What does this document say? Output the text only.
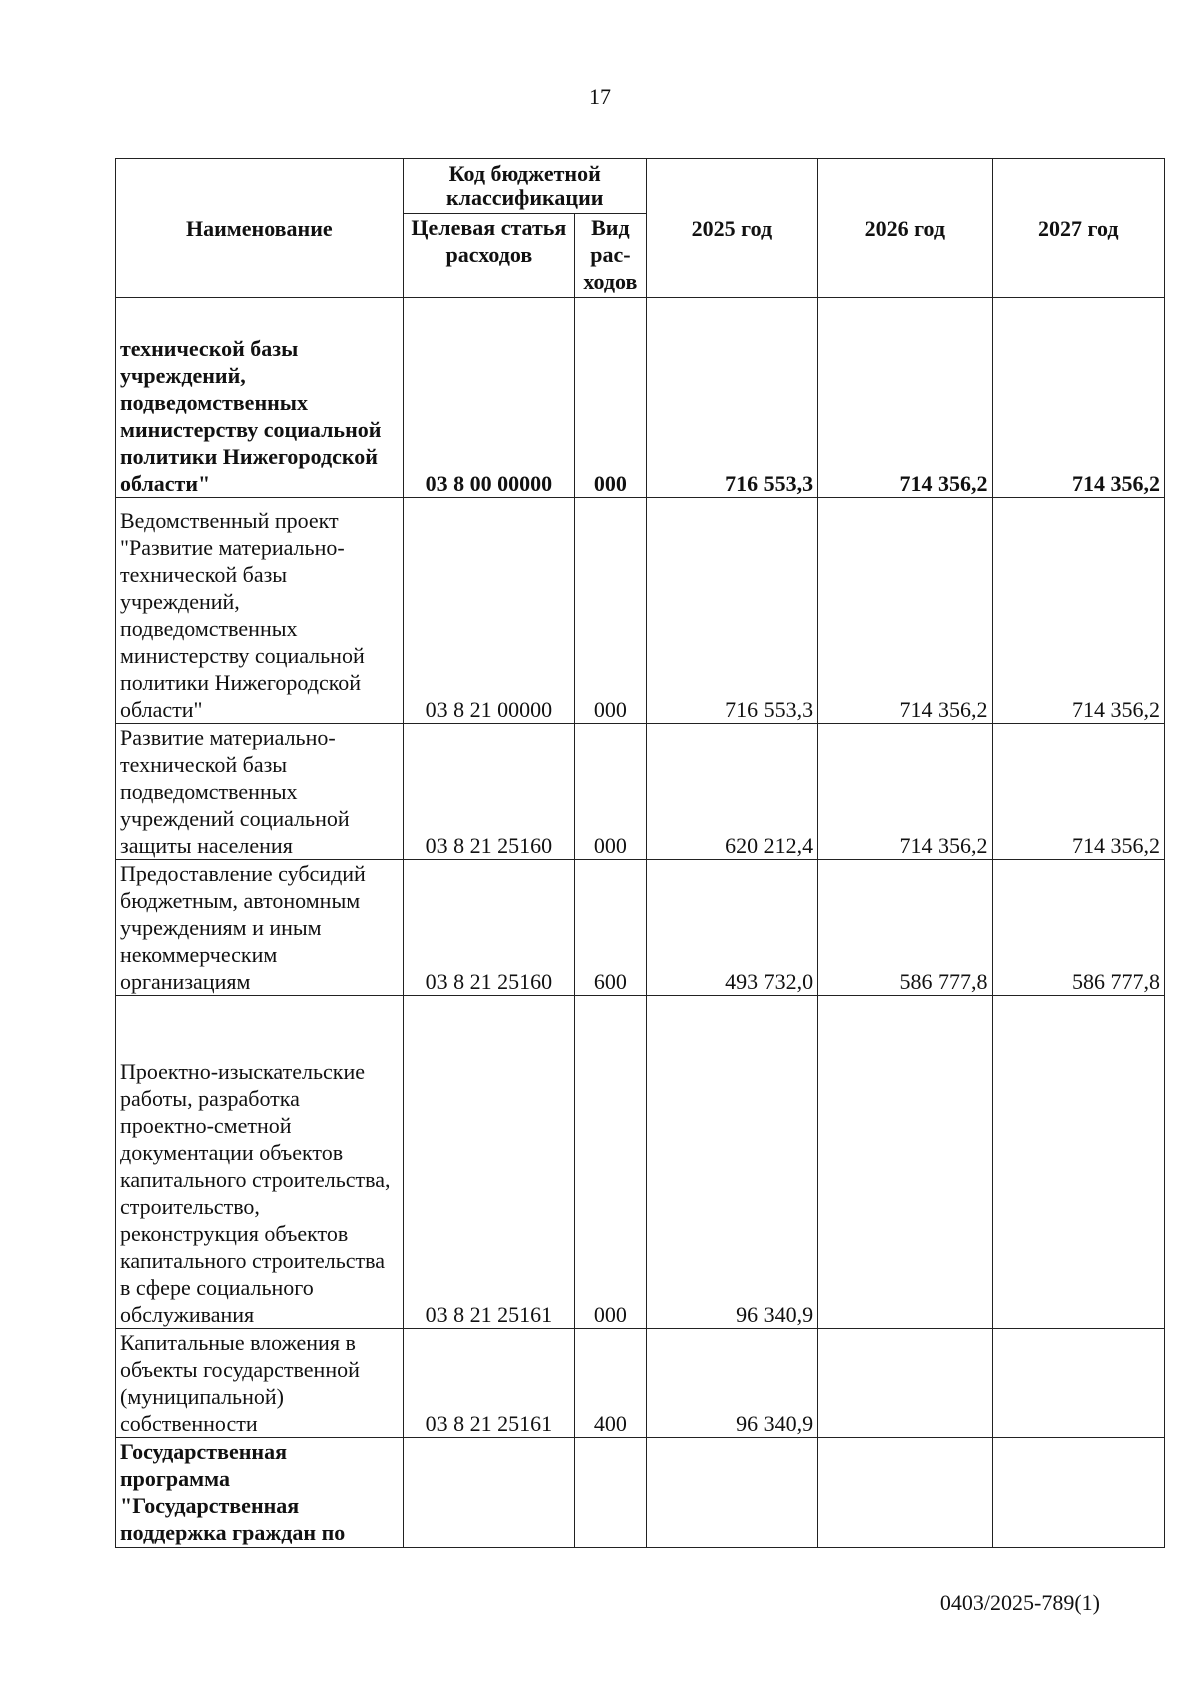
17
Наименование	Код бюджетной классификации		2025 год	2026 год	2027 год
	Целевая статья расходов	Вид рас-ходов			
технической базы учреждений, подведомственных министерству социальной политики Нижегородской области"	03 8 00 00000	000	716 553,3	714 356,2	714 356,2
Ведомственный проект "Развитие материально-технической базы учреждений, подведомственных министерству социальной политики Нижегородской области"	03 8 21 00000	000	716 553,3	714 356,2	714 356,2
Развитие материально-технической базы подведомственных учреждений социальной защиты населения	03 8 21 25160	000	620 212,4	714 356,2	714 356,2
Предоставление субсидий бюджетным, автономным учреждениям и иным некоммерческим организациям	03 8 21 25160	600	493 732,0	586 777,8	586 777,8
Проектно-изыскательские работы, разработка проектно-сметной документации объектов капитального строительства, строительство, реконструкция объектов капитального строительства в сфере социального обслуживания	03 8 21 25161	000	96 340,9		
Капитальные вложения в объекты государственной (муниципальной) собственности	03 8 21 25161	400	96 340,9		
Государственная программа "Государственная поддержка граждан по					
0403/2025-789(1)
